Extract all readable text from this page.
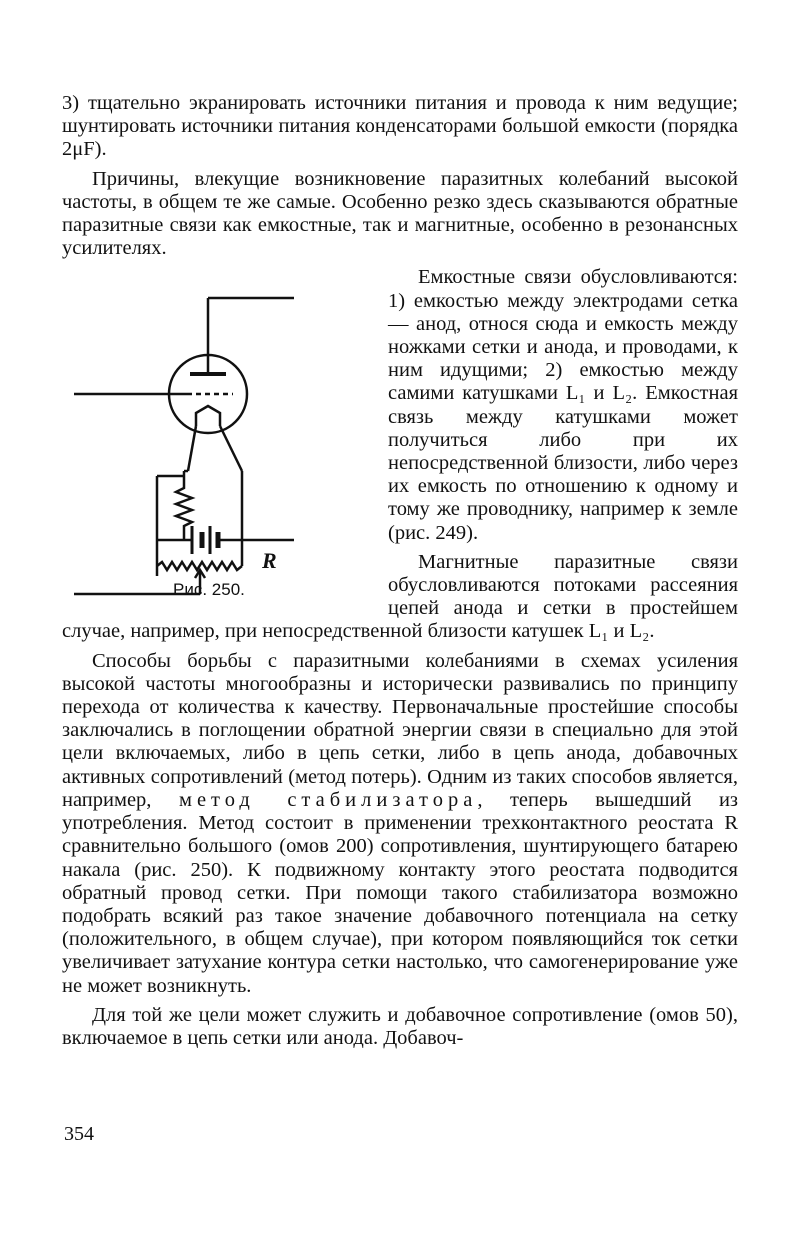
3) тщательно экранировать источники питания и провода к ним ведущие; шунтировать источники питания конденсаторами большой емкости (порядка 2μF).

Причины, влекущие возникновение паразитных колебаний высокой частоты, в общем те же самые. Особенно резко здесь сказываются обратные паразитные связи как емкостные, так и магнитные, особенно в резонансных усилителях.

R
Рис. 250.

Емкостные связи обусловливаются: 1) емкостью между электродами сетка — анод, относя сюда и емкость между ножками сетки и анода, и проводами, к ним идущими; 2) емкостью между самими катушками L₁ и L₂. Емкостная связь между катушками может получиться либо при их непосредственной близости, либо через их емкость по отношению к одному и тому же проводнику, например к земле (рис. 249).

Магнитные паразитные связи обусловливаются потоками рассеяния цепей анода и сетки в простейшем случае, например, при непосредственной близости катушек L₁ и L₂.

Способы борьбы с паразитными колебаниями в схемах усиления высокой частоты многообразны и исторически развивались по принципу перехода от количества к качеству. Первоначальные простейшие способы заключались в поглощении обратной энергии связи в специально для этой цели включаемых, либо в цепь сетки, либо в цепь анода, добавочных активных сопротивлений (метод потерь). Одним из таких способов является, например, метод стабилизатора, теперь вышедший из употребления. Метод состоит в применении трехконтактного реостата R сравнительно большого (омов 200) сопротивления, шунтирующего батарею накала (рис. 250). К подвижному контакту этого реостата подводится обратный провод сетки. При помощи такого стабилизатора возможно подобрать всякий раз такое значение добавочного потенциала на сетку (положительного, в общем случае), при котором появляющийся ток сетки увеличивает затухание контура сетки настолько, что самогенерирование уже не может возникнуть.

Для той же цели может служить и добавочное сопротивление (омов 50), включаемое в цепь сетки или анода. Добавоч-

354
